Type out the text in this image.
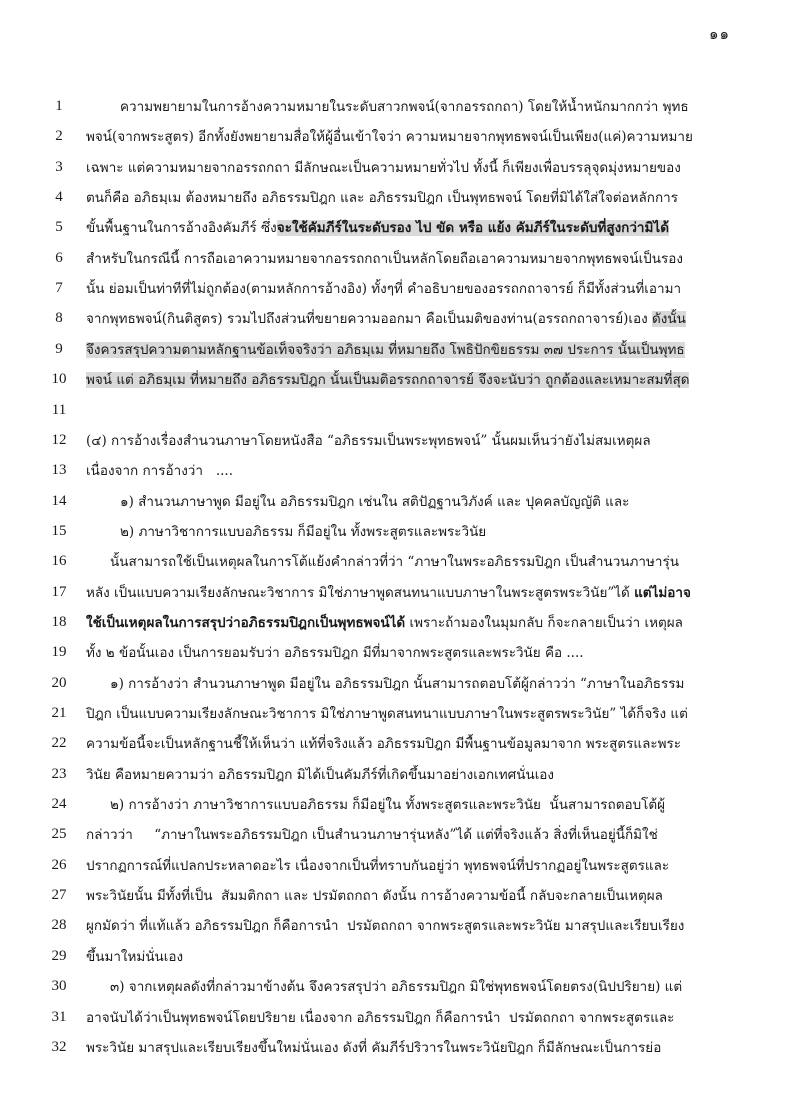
๑๑
1	ความพยายามในการอ้างความหมายในระดับสาวกพจน์(จากอรรถกถา) โดยให้น้ำหนักมากกว่า พุทธ
2	พจน์(จากพระสูตร) อีกทั้งยังพยายามสื่อให้ผู้อื่นเข้าใจว่า ความหมายจากพุทธพจน์เป็นเพียง(แค่)ความหมาย
3	เฉพาะ แต่ความหมายจากอรรถกถา มีลักษณะเป็นความหมายทั่วไป ทั้งนี้ ก็เพียงเพื่อบรรลุจุดมุ่งหมายของ
4	ตนก็คือ อภิธมฺเม ต้องหมายถึง อภิธรรมปิฎก และ อภิธรรมปิฎก เป็นพุทธพจน์ โดยที่มิได้ใส่ใจต่อหลักการ
5	ขั้นพื้นฐานในการอ้างอิงคัมภีร์ ซึ่งจะใช้คัมภีร์ในระดับรอง ไป ขัด หรือ แย้ง คัมภีร์ในระดับที่สูงกว่ามิได้
6	สำหรับในกรณีนี้ การถือเอาความหมายจากอรรถกถาเป็นหลักโดยถือเอาความหมายจากพุทธพจน์เป็นรอง
7	นั้น ย่อมเป็นท่าทีที่ไม่ถูกต้อง(ตามหลักการอ้างอิง) ทั้งๆที่ คำอธิบายของอรรถกถาจารย์ ก็มีทั้งส่วนที่เอามา
8	จากพุทธพจน์(กินติสูตร) รวมไปถึงส่วนที่ขยายความออกมา คือเป็นมติของท่าน(อรรถกถาจารย์)เอง ดังนั้น
9	จึงควรสรุปความตามหลักฐานข้อเท็จจริงว่า อภิธมฺเม ที่หมายถึง โพธิปักขิยธรรม ๓๗ ประการ นั้นเป็นพุทธ
10	พจน์ แต่ อภิธมฺเม ที่หมายถึง อภิธรรมปิฎก นั้นเป็นมติอรรถกถาจารย์ จึงจะนับว่า ถูกต้องและเหมาะสมที่สุด
11
12	(๔) การอ้างเรื่องสำนวนภาษาโดยหนังสือ “อภิธรรมเป็นพระพุทธพจน์” นั้นผมเห็นว่ายังไม่สมเหตุผล
13	เนื่องจาก การอ้างว่า   ....
14	๑) สำนวนภาษาพูด มีอยู่ใน อภิธรรมปิฎก เช่นใน สติปัฏฐานวิภังค์ และ ปุคคลบัญญัติ และ
15	๒) ภาษาวิชาการแบบอภิธรรม ก็มีอยู่ใน ทั้งพระสูตรและพระวินัย
16	นั้นสามารถใช้เป็นเหตุผลในการโต้แย้งคำกล่าวที่ว่า “ภาษาในพระอภิธรรมปิฎก เป็นสำนวนภาษารุ่น
17	หลัง เป็นแบบความเรียงลักษณะวิชาการ มิใช่ภาษาพูดสนทนาแบบภาษาในพระสูตรพระวินัย”ได้ แต่ไม่อาจ
18	ใช้เป็นเหตุผลในการสรุปว่าอภิธรรมปิฎกเป็นพุทธพจน์ได้ เพราะถ้ามองในมุมกลับ ก็จะกลายเป็นว่า เหตุผล
19	ทั้ง ๒ ข้อนั้นเอง เป็นการยอมรับว่า อภิธรรมปิฎก มีที่มาจากพระสูตรและพระวินัย คือ ....
20	๑) การอ้างว่า สำนวนภาษาพูด มีอยู่ใน อภิธรรมปิฎก นั้นสามารถตอบโต้ผู้กล่าวว่า “ภาษาในอภิธรรม
21	ปิฎก เป็นแบบความเรียงลักษณะวิชาการ มิใช่ภาษาพูดสนทนาแบบภาษาในพระสูตรพระวินัย” ได้ก็จริง แต่
22	ความข้อนี้จะเป็นหลักฐานชี้ให้เห็นว่า แท้ที่จริงแล้ว อภิธรรมปิฎก มีพื้นฐานข้อมูลมาจาก พระสูตรและพระ
23	วินัย คือหมายความว่า อภิธรรมปิฎก มิได้เป็นคัมภีร์ที่เกิดขึ้นมาอย่างเอกเทศนั่นเอง
24	๒) การอ้างว่า ภาษาวิชาการแบบอภิธรรม ก็มีอยู่ใน ทั้งพระสูตรและพระวินัย  นั้นสามารถตอบโต้ผู้
25	กล่าวว่า     “ภาษาในพระอภิธรรมปิฎก เป็นสำนวนภาษารุ่นหลัง”ได้ แต่ที่จริงแล้ว สิ่งที่เห็นอยู่นี้ก็มิใช่
26	ปรากฏการณ์ที่แปลกประหลาดอะไร เนื่องจากเป็นที่ทราบกันอยู่ว่า พุทธพจน์ที่ปรากฏอยู่ในพระสูตรและ
27	พระวินัยนั้น มีทั้งที่เป็น  สัมมติกถา และ ปรมัตถกถา ดังนั้น การอ้างความข้อนี้ กลับจะกลายเป็นเหตุผล
28	ผูกมัดว่า ที่แท้แล้ว อภิธรรมปิฎก ก็คือการนำ  ปรมัตถกถา จากพระสูตรและพระวินัย มาสรุปและเรียบเรียง
29	ขึ้นมาใหม่นั่นเอง
30	๓) จากเหตุผลดังที่กล่าวมาข้างต้น จึงควรสรุปว่า อภิธรรมปิฎก มิใช่พุทธพจน์โดยตรง(นิปปริยาย) แต่
31	อาจนับได้ว่าเป็นพุทธพจน์โดยปริยาย เนื่องจาก อภิธรรมปิฎก ก็คือการนำ  ปรมัตถกถา จากพระสูตรและ
32	พระวินัย มาสรุปและเรียบเรียงขึ้นใหม่นั่นเอง ดังที่ คัมภีร์ปริวารในพระวินัยปิฎก ก็มีลักษณะเป็นการย่อ
